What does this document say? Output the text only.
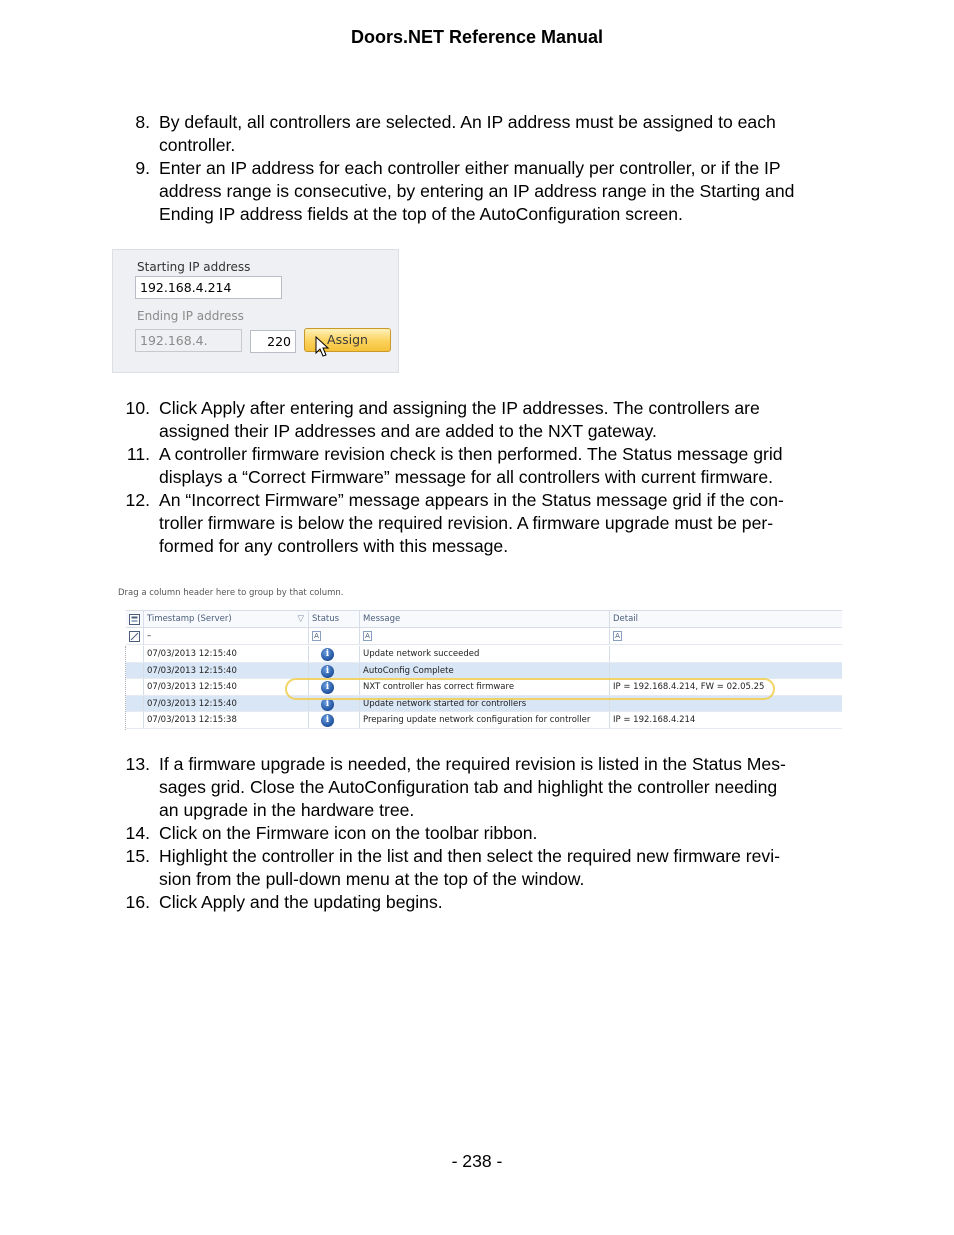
Doors.NET Reference Manual
8. By default, all controllers are selected. An IP address must be assigned to each
controller.
9. Enter an IP address for each controller either manually per controller, or if the IP
address range is consecutive, by entering an IP address range in the Starting and
Ending IP address fields at the top of the AutoConfiguration screen.
Starting IP address
192.168.4.214
Ending IP address
192.168.4.	220	Assign
10. Click Apply after entering and assigning the IP addresses. The controllers are
assigned their IP addresses and are added to the NXT gateway.
11. A controller firmware revision check is then performed. The Status message grid
displays a “Correct Firmware” message for all controllers with current firmware.
12. An “Incorrect Firmware” message appears in the Status message grid if the con-
troller firmware is below the required revision. A firmware upgrade must be per-
formed for any controllers with this message.
Drag a column header here to group by that column.
Timestamp (Server)	▽ Status	Message	Detail
–	A	A	A
07/03/2013 12:15:40	i	Update network succeeded
07/03/2013 12:15:40	i	AutoConfig Complete
07/03/2013 12:15:40	i	NXT controller has correct firmware	IP = 192.168.4.214, FW = 02.05.25
07/03/2013 12:15:40	i	Update network started for controllers
07/03/2013 12:15:38	i	Preparing update network configuration for controller	IP = 192.168.4.214
13. If a firmware upgrade is needed, the required revision is listed in the Status Mes-
sages grid. Close the AutoConfiguration tab and highlight the controller needing
an upgrade in the hardware tree.
14. Click on the Firmware icon on the toolbar ribbon.
15. Highlight the controller in the list and then select the required new firmware revi-
sion from the pull-down menu at the top of the window.
16. Click Apply and the updating begins.
- 238 -
